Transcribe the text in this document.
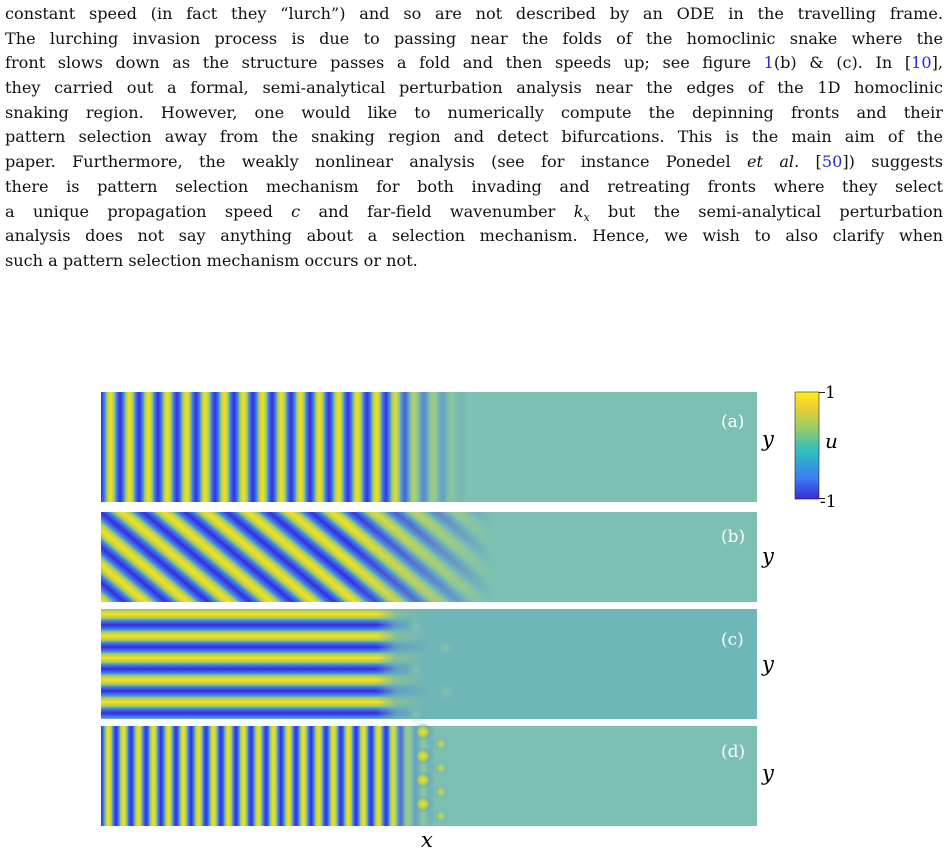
constant speed (in fact they “lurch”) and so are not described by an ODE in the travelling frame.
The lurching invasion process is due to passing near the folds of the homoclinic snake where the
front slows down as the structure passes a fold and then speeds up; see figure 1(b) & (c). In [10],
they carried out a formal, semi-analytical perturbation analysis near the edges of the 1D homoclinic
snaking region. However, one would like to numerically compute the depinning fronts and their
pattern selection away from the snaking region and detect bifurcations. This is the main aim of the
paper. Furthermore, the weakly nonlinear analysis (see for instance Ponedel et al. [50]) suggests
there is pattern selection mechanism for both invading and retreating fronts where they select
a unique propagation speed c and far-field wavenumber $k_x$ but the semi-analytical perturbation
analysis does not say anything about a selection mechanism. Hence, we wish to also clarify when
such a pattern selection mechanism occurs or not.
(a)
y
(b)
y
(c)
y
(d)
y
x
1
u
-1
